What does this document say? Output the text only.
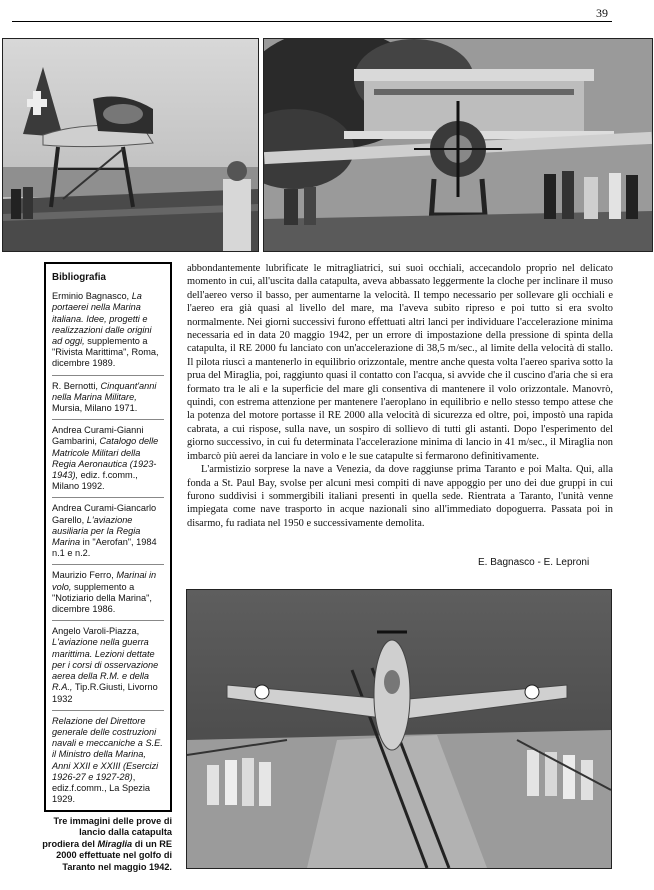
39
Bibliografia
Erminio Bagnasco, La portaerei nella Marina italiana. Idee, progetti e realizzazioni dalle origini ad oggi, supplemento a "Rivista Marittima", Roma, dicembre 1989.
R. Bernotti, Cinquant'anni nella Marina Militare, Mursia, Milano 1971.
Andrea Curami-Gianni Gambarini, Catalogo delle Matricole Militari della Regia Aeronautica (1923-1943), ediz. f.comm., Milano 1992.
Andrea Curami-Giancarlo Garello, L'aviazione ausiliaria per la Regia Marina in "Aerofan", 1984 n.1 e n.2.
Maurizio Ferro, Marinai in volo, supplemento a "Notiziario della Marina", dicembre 1986.
Angelo Varoli-Piazza, L'aviazione nella guerra marittima. Lezioni dettate per i corsi di osservazione aerea della R.M. e della R.A., Tip.R.Giusti, Livorno 1932
Relazione del Direttore generale delle costruzioni navali e meccaniche a S.E. il Ministro della Marina, Anni XXII e XXIII (Esercizi 1926-27 e 1927-28), ediz.f.comm., La Spezia 1929.

abbondantemente lubrificate le mitragliatrici, sui suoi occhiali, accecandolo proprio nel delicato momento in cui, all'uscita dalla catapulta, aveva abbassato leggermente la cloche per inclinare il muso dell'aereo verso il basso, per aumentarne la velocità. Il tempo necessario per sollevare gli occhiali e l'aereo era già quasi al livello del mare, ma l'aveva subito ripreso e poi tutto si era svolto normalmente. Nei giorni successivi furono effettuati altri lanci per individuare l'accelerazione minima necessaria ed in data 20 maggio 1942, per un errore di impostazione della pressione di spinta della catapulta, il RE 2000 fu lanciato con un'accelerazione di 38,5 m/sec., al limite della velocità di stallo. Il pilota riuscì a mantenerlo in equilibrio orizzontale, mentre anche questa volta l'aereo spariva sotto la prua del Miraglia, poi, raggiunto quasi il contatto con l'acqua, si avvide che il cuscino d'aria che si era formato tra le ali e la superficie del mare gli consentiva di mantenere il volo orizzontale. Manovrò, quindi, con estrema attenzione per mantenere l'aeroplano in equilibrio e nello stesso tempo attese che la potenza del motore portasse il RE 2000 alla velocità di sicurezza ed oltre, poi, impostò una rapida cabrata, a cui rispose, sulla nave, un sospiro di sollievo di tutti gli astanti. Dopo l'esperimento del giorno successivo, in cui fu determinata l'accelerazione minima di lancio in 41 m/sec., il Miraglia non imbarcò più aerei da lanciare in volo e le sue catapulte si fermarono definitivamente.

L'armistizio sorprese la nave a Venezia, da dove raggiunse prima Taranto e poi Malta. Qui, alla fonda a St. Paul Bay, svolse per alcuni mesi compiti di nave appoggio per uno dei due gruppi in cui furono suddivisi i sommergibili italiani presenti in quella sede. Rientrata a Taranto, l'unità venne impiegata come nave trasporto in acque nazionali sino all'immediato dopoguerra. Passata poi in disarmo, fu radiata nel 1950 e successivamente demolita.

E. Bagnasco - E. Leproni
Tre immagini delle prove di lancio dalla catapulta prodiera del Miraglia di un RE 2000 effettuate nel golfo di Taranto nel maggio 1942.
